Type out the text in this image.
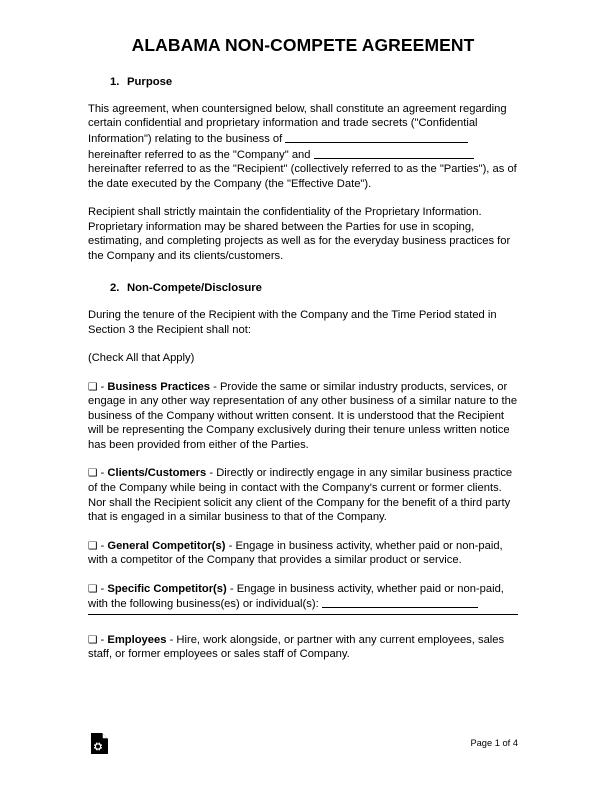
ALABAMA NON-COMPETE AGREEMENT
1. Purpose

This agreement, when countersigned below, shall constitute an agreement regarding certain confidential and proprietary information and trade secrets ("Confidential Information") relating to the business of
hereinafter referred to as the "Company" and
hereinafter referred to as the "Recipient" (collectively referred to as the "Parties"), as of the date executed by the Company (the "Effective Date").

Recipient shall strictly maintain the confidentiality of the Proprietary Information. Proprietary information may be shared between the Parties for use in scoping, estimating, and completing projects as well as for the everyday business practices for the Company and its clients/customers.

2. Non-Compete/Disclosure

During the tenure of the Recipient with the Company and the Time Period stated in Section 3 the Recipient shall not:

(Check All that Apply)

❑ - Business Practices - Provide the same or similar industry products, services, or engage in any other way representation of any other business of a similar nature to the business of the Company without written consent. It is understood that the Recipient will be representing the Company exclusively during their tenure unless written notice has been provided from either of the Parties.

❑ - Clients/Customers - Directly or indirectly engage in any similar business practice of the Company while being in contact with the Company's current or former clients. Nor shall the Recipient solicit any client of the Company for the benefit of a third party that is engaged in a similar business to that of the Company.

❑ - General Competitor(s) - Engage in business activity, whether paid or non-paid, with a competitor of the Company that provides a similar product or service.

❑ - Specific Competitor(s) - Engage in business activity, whether paid or non-paid, with the following business(es) or individual(s):

❑ - Employees - Hire, work alongside, or partner with any current employees, sales staff, or former employees or sales staff of Company.

Page 1 of 4
